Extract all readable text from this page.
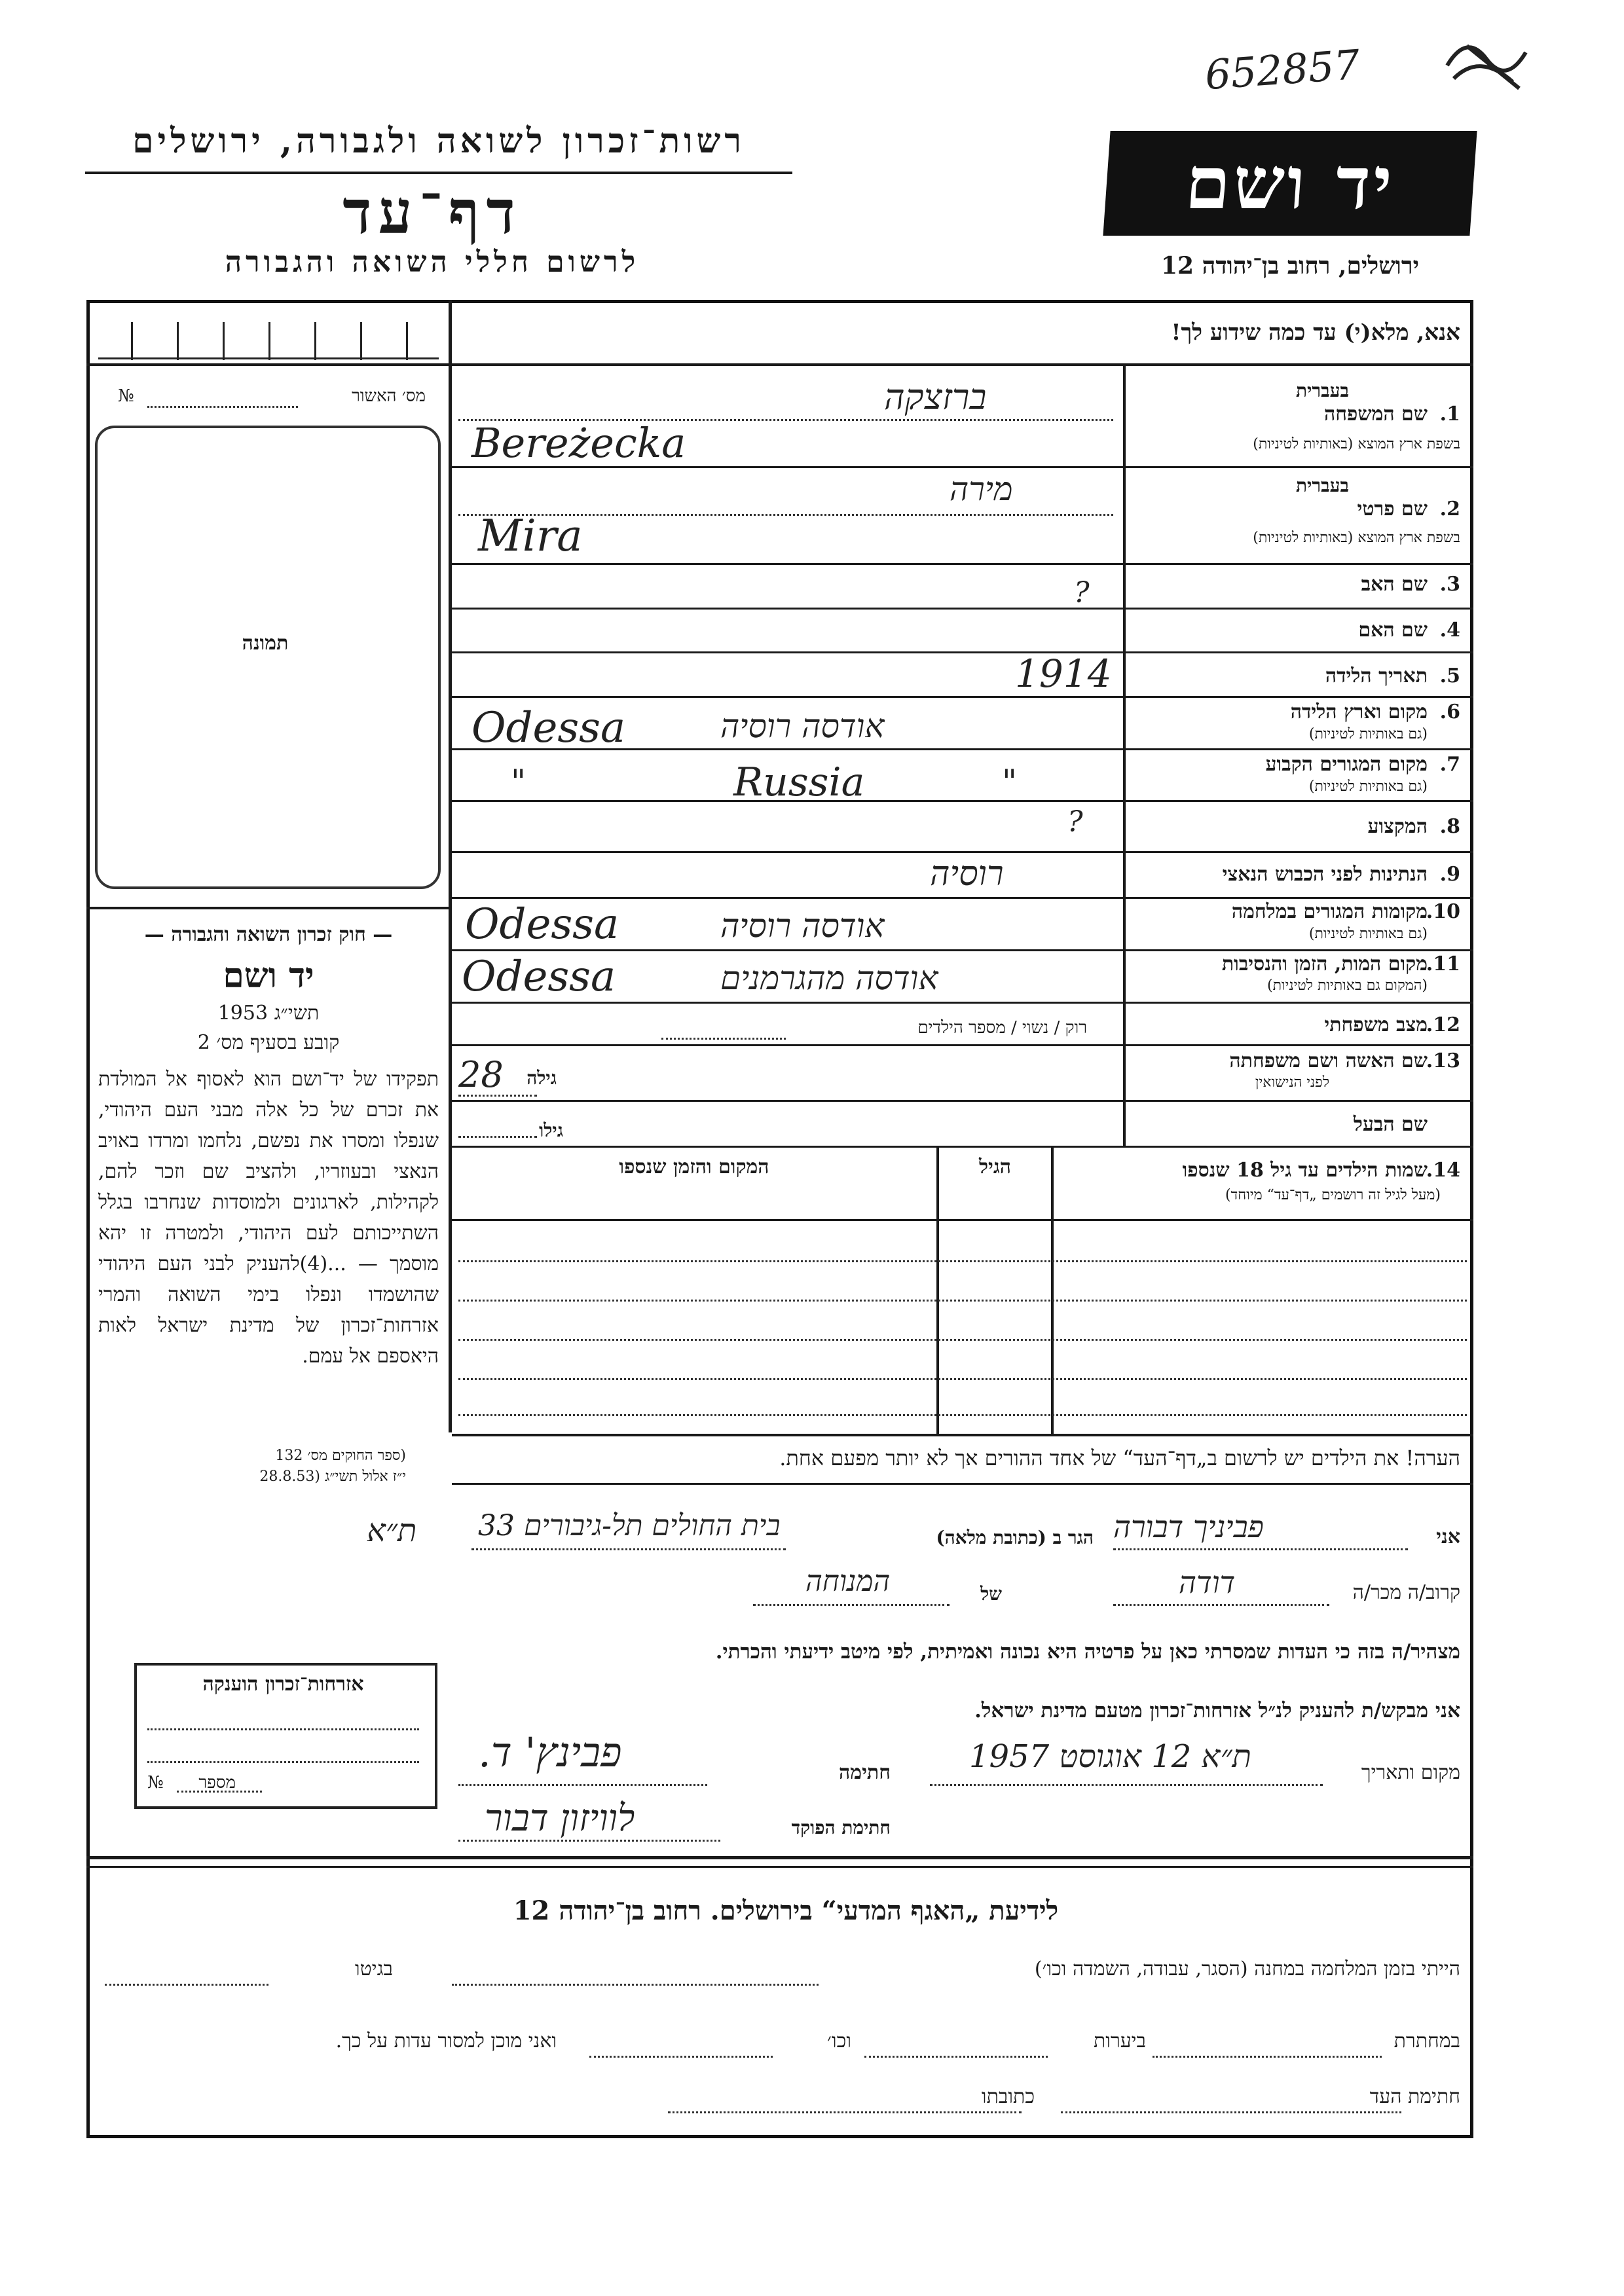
652857
רשות־זכרון לשואה ולגבורה, ירושלים
דף־עד
לרשום חללי השואה והגבורה
יד ושם
ירושלים, רחוב בן־יהודה 12
אנא, מלא(י) עד כמה שידוע לך!
מס׳ האשור
№
תמונה
— חוק זכרון השואה והגבורה —
יד ושם
תשי״ג 1953
קובע בסעיף מס׳ 2
תפקידו של יד־ושם הוא לאסוף אל המולדת את זכרם של כל אלה מבני העם היהודי, שנפלו ומסרו את נפשם, נלחמו ומרדו באויב הנאצי ובעוזריו, ולהציב שם וזכר להם, לקהילות, לארגונים ולמוסדות שנחרבו בגלל השתייכותם לעם היהודי, ולמטרה זו יהא מוסמך — ...(4)להעניק לבני העם היהודי שהושמדו ונפלו בימי השואה והמרי אזרחות־זכרון של מדינת ישראל לאות היאספם אל עמם.
(ספר החוקים מס׳ 132
י״ז אלול תשי״ג (28.8.53
1.
שם המשפחה
בעברית
בשפת ארץ המוצא (באותיות לטיניות)
ברזצקה
Bereżecka
2.
שם פרטי
בעברית
בשפת ארץ המוצא (באותיות לטיניות)
מירה
Mira
3.
שם האב
?
4.
שם האם
5.
תאריך הלידה
1914
6.
מקום וארץ הלידה
(גם באותיות לטיניות)
Odessa	אודסה רוסיה
7.
מקום המגורים הקבוע
(גם באותיות לטיניות)
"	Russia	"
8.
המקצוע
?
9.
הנתינות לפני הכבוש הנאצי
רוסיה
10.
מקומות המגורים במלחמה
(גם באותיות לטיניות)
Odessa	אודסה רוסיה
11.
מקום המות, הזמן והנסיבות
(המקום גם באותיות לטיניות)
Odessa	אודסה מהגרמנים
12.
מצב משפחתי
רוק / נשוי / מספר הילדים
13.
שם האשה ושם משפחתה
לפני הנישואין
גילה
28
שם הבעל
גילו
14.
שמות הילדים עד גיל 18 שנספו
(מעל לגיל זה רושמים „דף־עד“ מיוחד)
הגיל
המקום והזמן שנספו
הערה! את הילדים יש לרשום ב„דף־העד“ של אחד ההורים אך לא יותר מפעם אחת.
אני
פביניך דבורה
הגר ב (כתובת מלאה)
בית החולים תל-גיבורים 33
ת״א
קרוב/ה מכר/ה
דודה
של
המנוחה
מצהיר/ה בזה כי העדות שמסרתי כאן על פרטיה היא נכונה ואמיתית, לפי מיטב ידיעתי והכרתי.
אני מבקש/ת להעניק לנ״ל אזרחות־זכרון מטעם מדינת ישראל.
מקום ותאריך
ת״א 12 אוגוסט 1957
חתימה
פבינץ' ד.
חתימת הפוקד
לוויזון דבור
אזרחות־זכרון הוענקה
מספר
№
לידיעת „האגף המדעי“ בירושלים. רחוב בן־יהודה 12
הייתי בזמן המלחמה במחנה (הסגר, עבודה, השמדה וכו׳)
בגיטו
במחתרת
ביערות
וכו׳
ואני מוכן למסור עדות על כך.
חתימת העד
כתובתו
